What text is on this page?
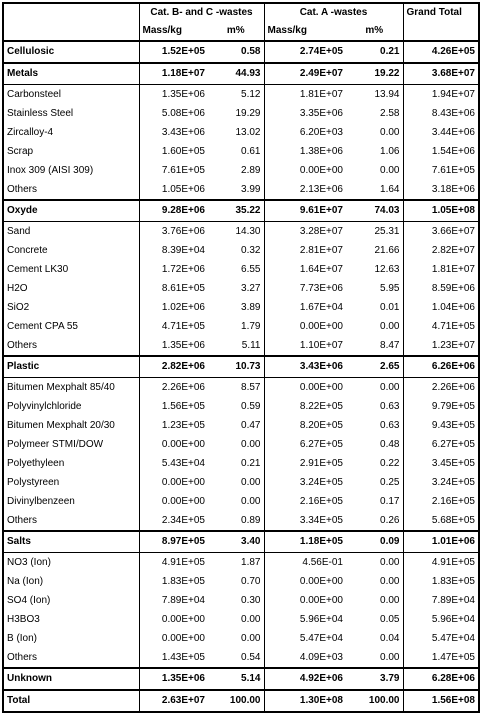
	Cat. B- and C -wastes		Cat. A -wastes		Grand Total
	Mass/kg	m%	Mass/kg	m%	
Cellulosic	1.52E+05	0.58	2.74E+05	0.21	4.26E+05
Metals	1.18E+07	44.93	2.49E+07	19.22	3.68E+07
Carbonsteel	1.35E+06	5.12	1.81E+07	13.94	1.94E+07
Stainless Steel	5.08E+06	19.29	3.35E+06	2.58	8.43E+06
Zircalloy-4	3.43E+06	13.02	6.20E+03	0.00	3.44E+06
Scrap	1.60E+05	0.61	1.38E+06	1.06	1.54E+06
Inox 309 (AISI 309)	7.61E+05	2.89	0.00E+00	0.00	7.61E+05
Others	1.05E+06	3.99	2.13E+06	1.64	3.18E+06
Oxyde	9.28E+06	35.22	9.61E+07	74.03	1.05E+08
Sand	3.76E+06	14.30	3.28E+07	25.31	3.66E+07
Concrete	8.39E+04	0.32	2.81E+07	21.66	2.82E+07
Cement LK30	1.72E+06	6.55	1.64E+07	12.63	1.81E+07
H2O	8.61E+05	3.27	7.73E+06	5.95	8.59E+06
SiO2	1.02E+06	3.89	1.67E+04	0.01	1.04E+06
Cement CPA 55	4.71E+05	1.79	0.00E+00	0.00	4.71E+05
Others	1.35E+06	5.11	1.10E+07	8.47	1.23E+07
Plastic	2.82E+06	10.73	3.43E+06	2.65	6.26E+06
Bitumen Mexphalt 85/40	2.26E+06	8.57	0.00E+00	0.00	2.26E+06
Polyvinylchloride	1.56E+05	0.59	8.22E+05	0.63	9.79E+05
Bitumen Mexphalt 20/30	1.23E+05	0.47	8.20E+05	0.63	9.43E+05
Polymeer STMI/DOW	0.00E+00	0.00	6.27E+05	0.48	6.27E+05
Polyethyleen	5.43E+04	0.21	2.91E+05	0.22	3.45E+05
Polystyreen	0.00E+00	0.00	3.24E+05	0.25	3.24E+05
Divinylbenzeen	0.00E+00	0.00	2.16E+05	0.17	2.16E+05
Others	2.34E+05	0.89	3.34E+05	0.26	5.68E+05
Salts	8.97E+05	3.40	1.18E+05	0.09	1.01E+06
NO3 (Ion)	4.91E+05	1.87	4.56E-01	0.00	4.91E+05
Na (Ion)	1.83E+05	0.70	0.00E+00	0.00	1.83E+05
SO4 (Ion)	7.89E+04	0.30	0.00E+00	0.00	7.89E+04
H3BO3	0.00E+00	0.00	5.96E+04	0.05	5.96E+04
B (Ion)	0.00E+00	0.00	5.47E+04	0.04	5.47E+04
Others	1.43E+05	0.54	4.09E+03	0.00	1.47E+05
Unknown	1.35E+06	5.14	4.92E+06	3.79	6.28E+06
Total	2.63E+07	100.00	1.30E+08	100.00	1.56E+08
